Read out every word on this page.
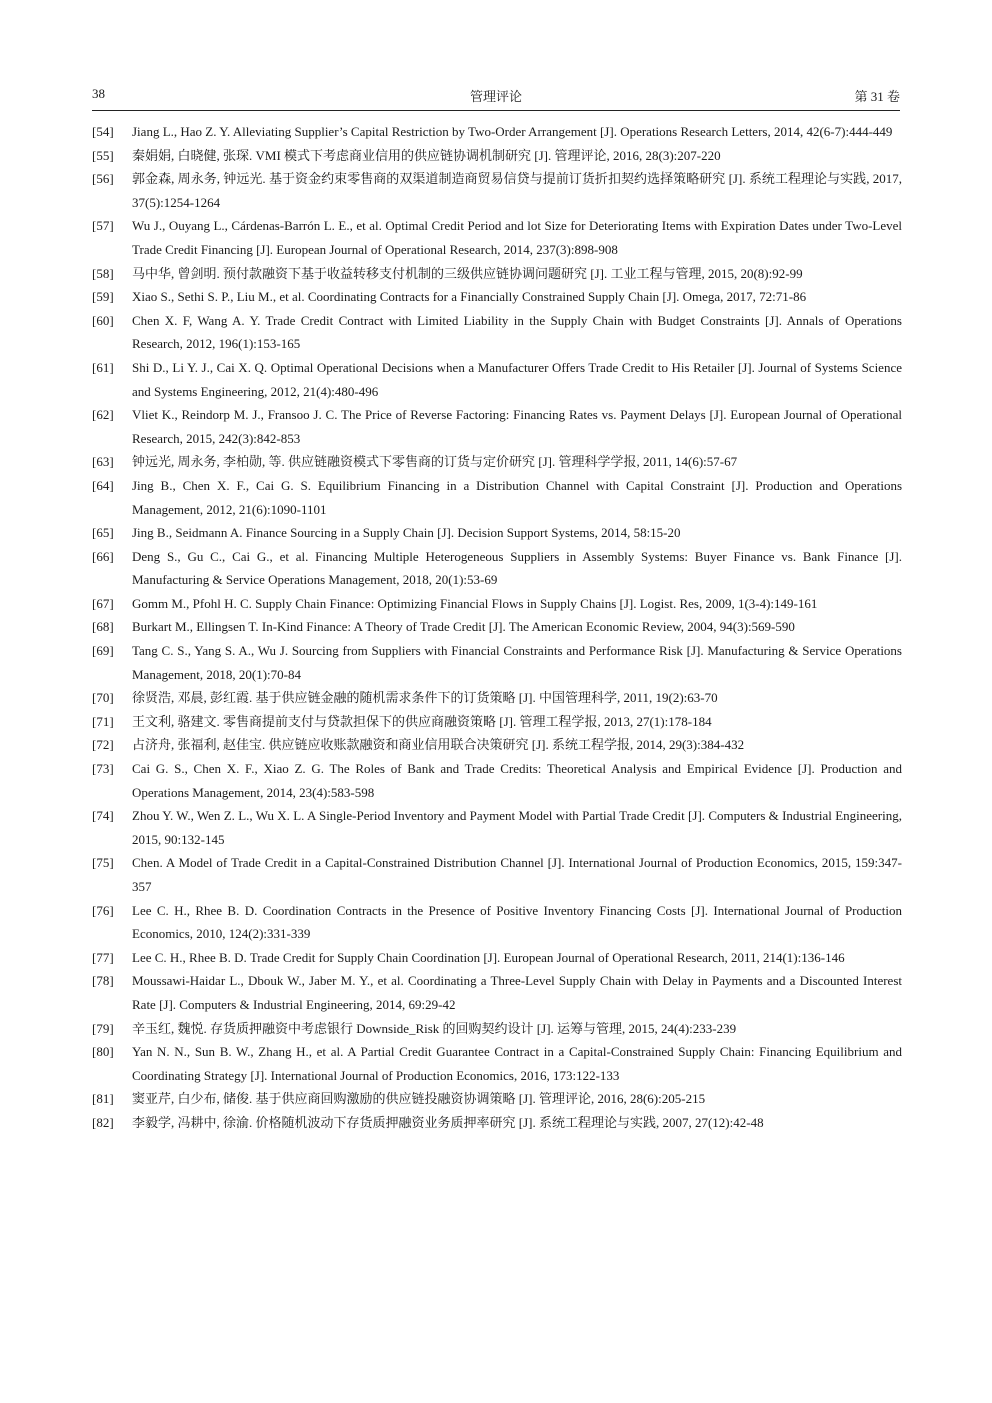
38	管理评论	第 31 卷
[54] Jiang L., Hao Z. Y. Alleviating Supplier’s Capital Restriction by Two-Order Arrangement [J]. Operations Research Letters, 2014, 42(6-7):444-449
[55] 秦娟娟, 白晓健, 张琛. VMI 模式下考虑商业信用的供应链协调机制研究 [J]. 管理评论, 2016, 28(3):207-220
[56] 郭金森, 周永务, 钟远光. 基于资金约束零售商的双渠道制造商贸易信贷与提前订货折扣契约选择策略研究 [J]. 系统工程理论与实践, 2017, 37(5):1254-1264
[57] Wu J., Ouyang L., Cárdenas-Barrón L. E., et al. Optimal Credit Period and lot Size for Deteriorating Items with Expiration Dates under Two-Level Trade Credit Financing [J]. European Journal of Operational Research, 2014, 237(3):898-908
[58] 马中华, 曾剑明. 预付款融资下基于收益转移支付机制的三级供应链协调问题研究 [J]. 工业工程与管理, 2015, 20(8):92-99
[59] Xiao S., Sethi S. P., Liu M., et al. Coordinating Contracts for a Financially Constrained Supply Chain [J]. Omega, 2017, 72:71-86
[60] Chen X. F, Wang A. Y. Trade Credit Contract with Limited Liability in the Supply Chain with Budget Constraints [J]. Annals of Operations Research, 2012, 196(1):153-165
[61] Shi D., Li Y. J., Cai X. Q. Optimal Operational Decisions when a Manufacturer Offers Trade Credit to His Retailer [J]. Journal of Systems Science and Systems Engineering, 2012, 21(4):480-496
[62] Vliet K., Reindorp M. J., Fransoo J. C. The Price of Reverse Factoring: Financing Rates vs. Payment Delays [J]. European Journal of Operational Research, 2015, 242(3):842-853
[63] 钟远光, 周永务, 李柏勋, 等. 供应链融资模式下零售商的订货与定价研究 [J]. 管理科学学报, 2011, 14(6):57-67
[64] Jing B., Chen X. F., Cai G. S. Equilibrium Financing in a Distribution Channel with Capital Constraint [J]. Production and Operations Management, 2012, 21(6):1090-1101
[65] Jing B., Seidmann A. Finance Sourcing in a Supply Chain [J]. Decision Support Systems, 2014, 58:15-20
[66] Deng S., Gu C., Cai G., et al. Financing Multiple Heterogeneous Suppliers in Assembly Systems: Buyer Finance vs. Bank Finance [J]. Manufacturing & Service Operations Management, 2018, 20(1):53-69
[67] Gomm M., Pfohl H. C. Supply Chain Finance: Optimizing Financial Flows in Supply Chains [J]. Logist. Res, 2009, 1(3-4):149-161
[68] Burkart M., Ellingsen T. In-Kind Finance: A Theory of Trade Credit [J]. The American Economic Review, 2004, 94(3):569-590
[69] Tang C. S., Yang S. A., Wu J. Sourcing from Suppliers with Financial Constraints and Performance Risk [J]. Manufacturing & Service Operations Management, 2018, 20(1):70-84
[70] 徐贤浩, 邓晨, 彭红霞. 基于供应链金融的随机需求条件下的订货策略 [J]. 中国管理科学, 2011, 19(2):63-70
[71] 王文利, 骆建文. 零售商提前支付与贷款担保下的供应商融资策略 [J]. 管理工程学报, 2013, 27(1):178-184
[72] 占济舟, 张福利, 赵佳宝. 供应链应收账款融资和商业信用联合决策研究 [J]. 系统工程学报, 2014, 29(3):384-432
[73] Cai G. S., Chen X. F., Xiao Z. G. The Roles of Bank and Trade Credits: Theoretical Analysis and Empirical Evidence [J]. Production and Operations Management, 2014, 23(4):583-598
[74] Zhou Y. W., Wen Z. L., Wu X. L. A Single-Period Inventory and Payment Model with Partial Trade Credit [J]. Computers & Industrial Engineering, 2015, 90:132-145
[75] Chen. A Model of Trade Credit in a Capital-Constrained Distribution Channel [J]. International Journal of Production Economics, 2015, 159:347-357
[76] Lee C. H., Rhee B. D. Coordination Contracts in the Presence of Positive Inventory Financing Costs [J]. International Journal of Production Economics, 2010, 124(2):331-339
[77] Lee C. H., Rhee B. D. Trade Credit for Supply Chain Coordination [J]. European Journal of Operational Research, 2011, 214(1):136-146
[78] Moussawi-Haidar L., Dbouk W., Jaber M. Y., et al. Coordinating a Three-Level Supply Chain with Delay in Payments and a Discounted Interest Rate [J]. Computers & Industrial Engineering, 2014, 69:29-42
[79] 辛玉红, 魏悦. 存货质押融资中考虑银行 Downside_Risk 的回购契约设计 [J]. 运筹与管理, 2015, 24(4):233-239
[80] Yan N. N., Sun B. W., Zhang H., et al. A Partial Credit Guarantee Contract in a Capital-Constrained Supply Chain: Financing Equilibrium and Coordinating Strategy [J]. International Journal of Production Economics, 2016, 173:122-133
[81] 窦亚芹, 白少布, 储俊. 基于供应商回购激励的供应链投融资协调策略 [J]. 管理评论, 2016, 28(6):205-215
[82] 李毅学, 冯耕中, 徐渝. 价格随机波动下存货质押融资业务质押率研究 [J]. 系统工程理论与实践, 2007, 27(12):42-48
